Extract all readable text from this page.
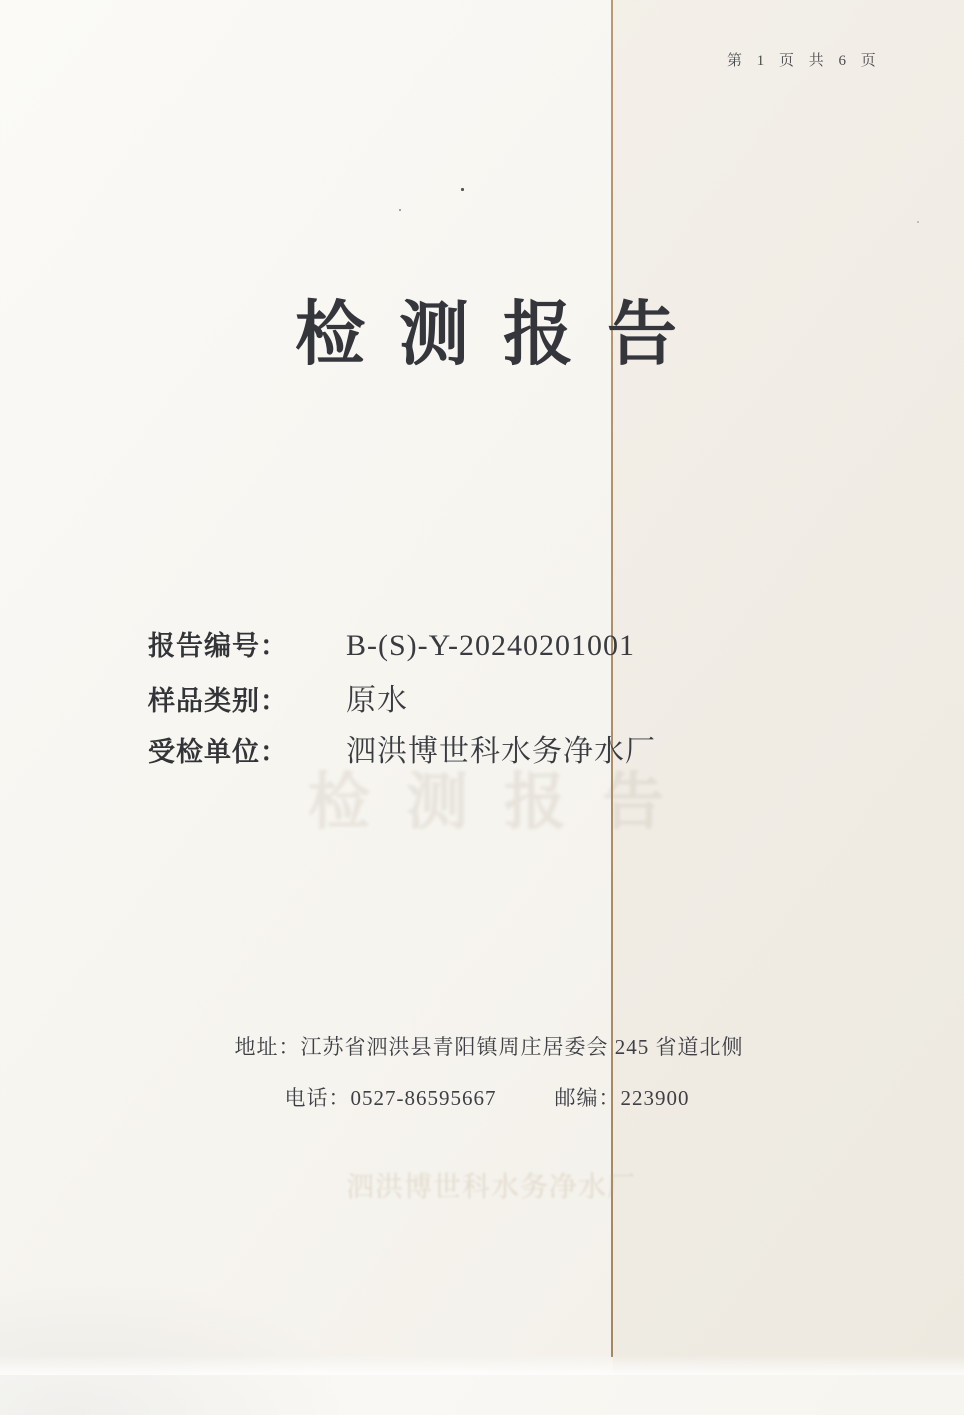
第 1 页 共 6 页
检测报告
检测报告
报告编号： B-(S)-Y-20240201001
样品类别： 原水
受检单位： 泗洪博世科水务净水厂
地址：江苏省泗洪县青阳镇周庄居委会 245 省道北侧
电话：0527-86595667	邮编：223900
泗洪博世科水务净水厂
